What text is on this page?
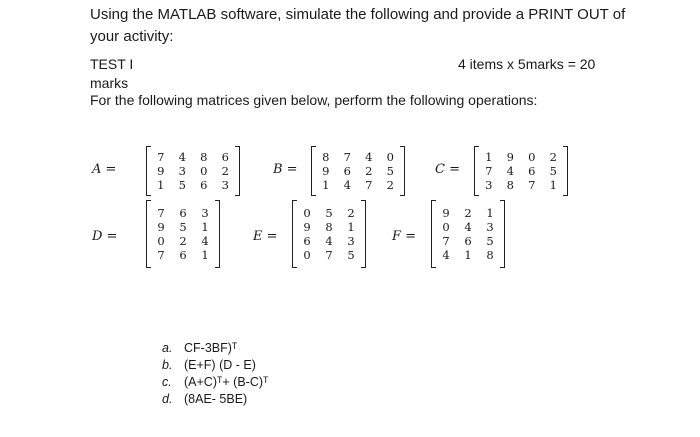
Using the MATLAB software, simulate the following and provide a PRINT OUT of your activity:
TEST I	4 items x 5marks = 20
marks
For the following matrices given below, perform the following operations:
A =
7	4	8	6
9	3	0	2
1	5	6	3
B =
8	7	4	0
9	6	2	5
1	4	7	2
C =
1	9	0	2
7	4	6	5
3	8	7	1
D =
7	6	3
9	5	1
0	2	4
7	6	1
E =
0	5	2
9	8	1
6	4	3
0	7	5
F =
9	2	1
0	4	3
7	6	5
4	1	8
a. CF-3BF)ᵀ
b. (E+F) (D - E)
c. (A+C)ᵀ+ (B-C)ᵀ
d. (8AE- 5BE)
